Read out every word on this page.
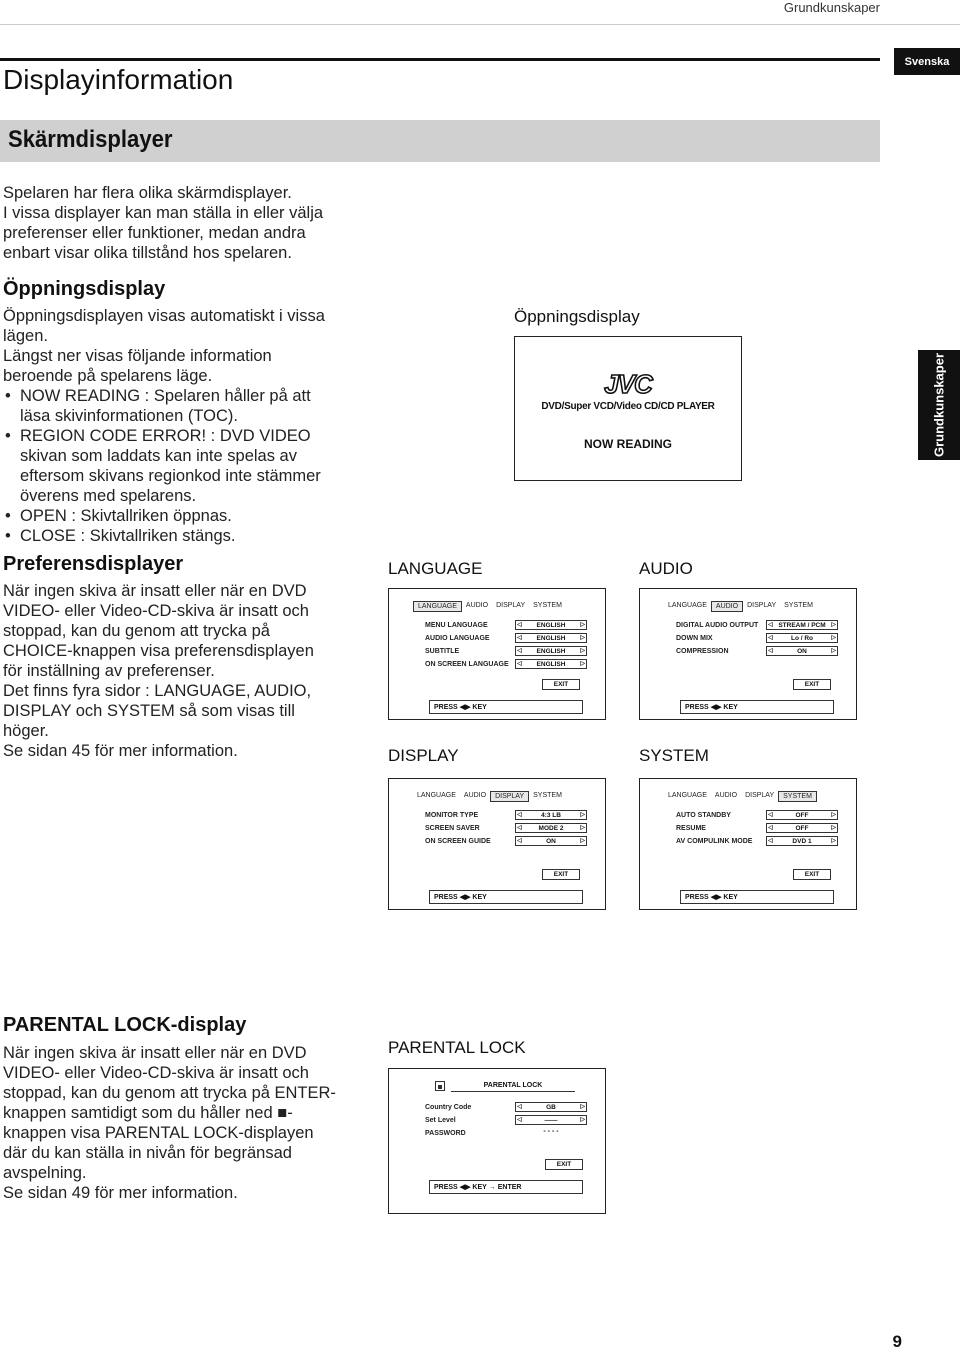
Grundkunskaper
Svenska
Displayinformation
Skärmdisplayer
Grundkunskaper
Spelaren har flera olika skärmdisplayer.
I vissa displayer kan man ställa in eller välja
preferenser eller funktioner, medan andra
enbart visar olika tillstånd hos spelaren.
Öppningsdisplay
Öppningsdisplayen visas automatiskt i vissa
lägen.
Längst ner visas följande information
beroende på spelarens läge.
• NOW READING : Spelaren håller på att
läsa skivinformationen (TOC).
• REGION CODE ERROR! : DVD VIDEO
skivan som laddats kan inte spelas av
eftersom skivans regionkod inte stämmer
överens med spelarens.
• OPEN : Skivtallriken öppnas.
• CLOSE : Skivtallriken stängs.
Öppningsdisplay
JVC
DVD/Super VCD/Video CD/CD PLAYER
NOW READING
Preferensdisplayer
När ingen skiva är insatt eller när en DVD
VIDEO- eller Video-CD-skiva är insatt och
stoppad, kan du genom att trycka på
CHOICE-knappen visa preferensdisplayen
för inställning av preferenser.
Det finns fyra sidor : LANGUAGE, AUDIO,
DISPLAY och SYSTEM så som visas till
höger.
Se sidan 45 för mer information.
LANGUAGE
LANGUAGE	AUDIO	DISPLAY	SYSTEM
MENU LANGUAGE	◁	ENGLISH	▷
AUDIO LANGUAGE	◁	ENGLISH	▷
SUBTITLE	◁	ENGLISH	▷
ON SCREEN LANGUAGE ◁	ENGLISH	▷
EXIT
PRESS
◀▶
KEY
AUDIO
LANGUAGE	AUDIO	DISPLAY	SYSTEM
DIGITAL AUDIO OUTPUT ◁ STREAM / PCM ▷
DOWN MIX	◁	Lo / Ro	▷
COMPRESSION	◁	ON	▷
EXIT
PRESS
◀▶
KEY
DISPLAY
LANGUAGE	AUDIO	DISPLAY	SYSTEM
MONITOR TYPE	◁	4:3 LB	▷
SCREEN SAVER	◁	MODE 2	▷
ON SCREEN GUIDE	◁	ON	▷
EXIT
PRESS
◀▶
KEY
SYSTEM
LANGUAGE	AUDIO	DISPLAY	SYSTEM
AUTO STANDBY	◁	OFF	▷
RESUME	◁	OFF	▷
AV COMPULINK MODE	◁	DVD 1	▷
EXIT
PRESS
◀▶
KEY
PARENTAL LOCK-display
När ingen skiva är insatt eller när en DVD
VIDEO- eller Video-CD-skiva är insatt och
stoppad, kan du genom att trycka på ENTER-
knappen samtidigt som du håller ned ■-
knappen visa PARENTAL LOCK-displayen
där du kan ställa in nivån för begränsad
avspelning.
Se sidan 49 för mer information.
PARENTAL LOCK
PARENTAL LOCK
Country Code	◁	GB	▷
Set Level	◁	——	▷
PASSWORD	- - - -
EXIT
PRESS
◀▶
KEY
→
ENTER
9
